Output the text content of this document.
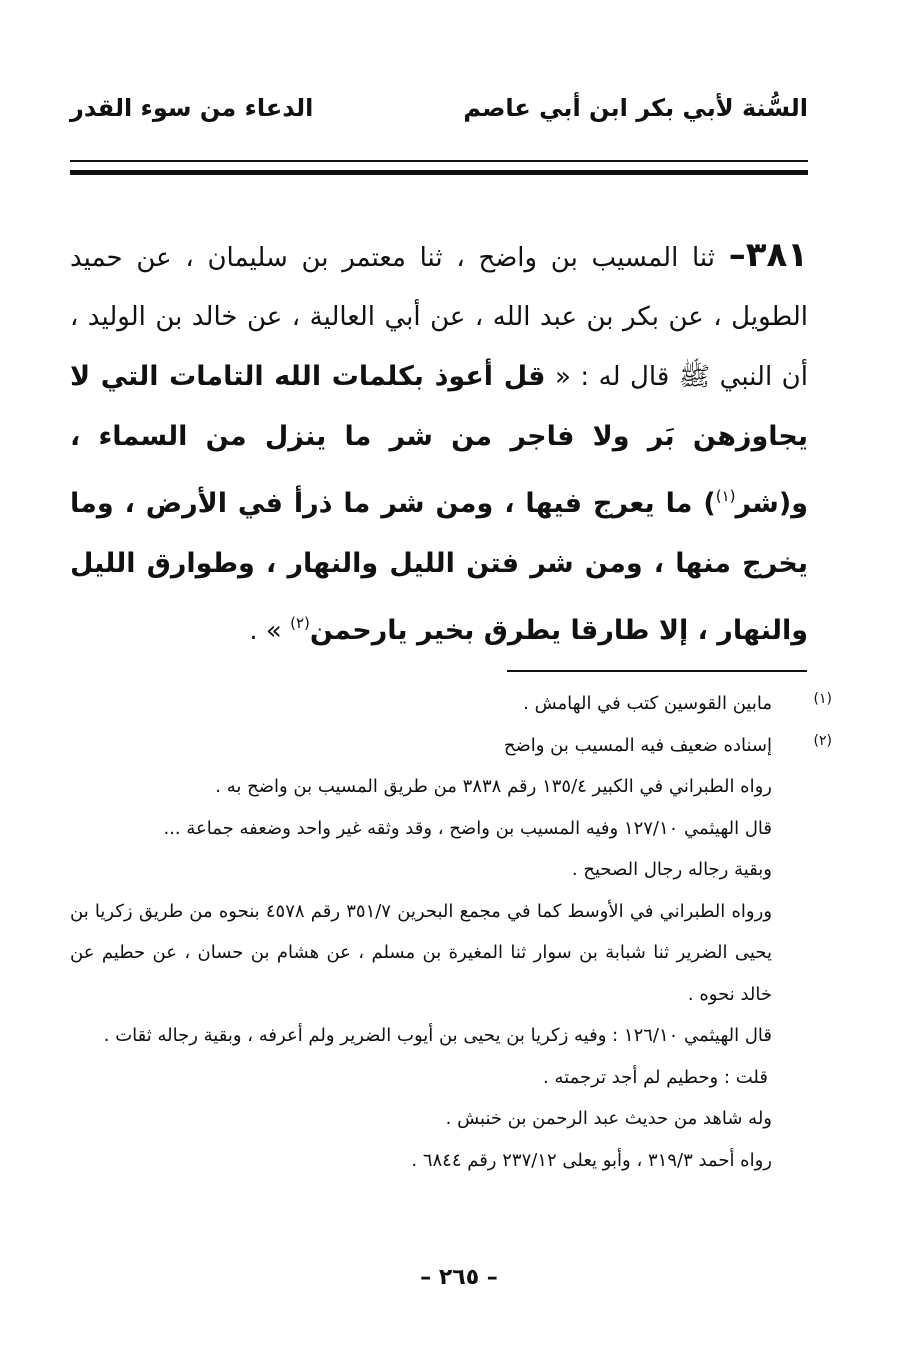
السُّنة لأبي بكر ابن أبي عاصم
الدعاء من سوء القدر

٣٨١– ثنا المسيب بن واضح ، ثنا معتمر بن سليمان ، عن حميد الطويل ، عن بكر بن عبد الله ، عن أبي العالية ، عن خالد بن الوليد ، أن النبي ﷺ قال له : « قل أعوذ بكلمات الله التامات التي لا يجاوزهن بَر ولا فاجر من شر ما ينزل من السماء ، و(شر$^{(١)}$) ما يعرج فيها ، ومن شر ما ذرأ في الأرض ، وما يخرج منها ، ومن شر فتن الليل والنهار ، وطوارق الليل والنهار ، إلا طارقا يطرق بخير يارحمن$^{(٢)}$ » .

(١)
مابين القوسين كتب في الهامش .
(٢)
إسناده ضعيف فيه المسيب بن واضح
رواه الطبراني في الكبير ١٣٥/٤ رقم ٣٨٣٨ من طريق المسيب بن واضح به .
قال الهيثمي ١٢٧/١٠ وفيه المسيب بن واضح ، وقد وثقه غير واحد وضعفه جماعة ...
وبقية رجاله رجال الصحيح .
ورواه الطبراني في الأوسط كما في مجمع البحرين ٣٥١/٧ رقم ٤٥٧٨ بنحوه من طريق زكريا بن يحيى الضرير ثنا شبابة بن سوار ثنا المغيرة بن مسلم ، عن هشام بن حسان ، عن حطيم عن خالد نحوه .
قال الهيثمي ١٢٦/١٠ : وفيه زكريا بن يحيى بن أيوب الضرير ولم أعرفه ، وبقية رجاله ثقات .
قلت : وحطيم لم أجد ترجمته .
وله شاهد من حديث عبد الرحمن بن خنبش .
رواه أحمد ٣١٩/٣ ، وأبو يعلى ٢٣٧/١٢ رقم ٦٨٤٤ .
– ٢٦٥ –
